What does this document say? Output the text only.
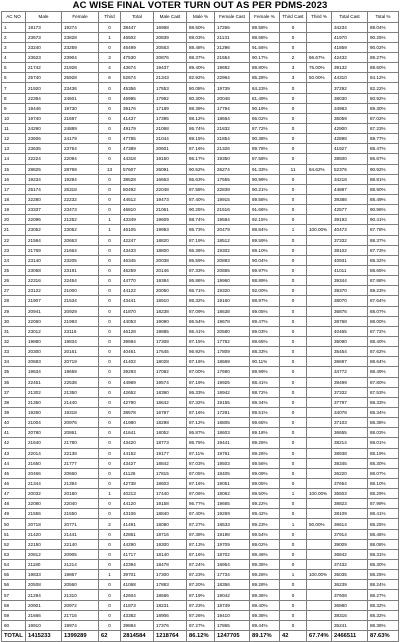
AC WISE FINAL VOTER TURN OUT AS PER PDMS-2023
AC NO	Male	Female	Third	Total	Male Cast	Male %	Female Cast	Female %	Third Cast	Third %	Total Cast	Total %
1	19173	19274	0	38447	16968	88.50%	17266	89.58%	0		34234	89.04%
2	23673	23828	1	46502	20839	88.03%	21131	88.68%	0		41970	90.25%
3	23240	23259	0	46499	20563	88.48%	21296	91.56%	0		41859	90.02%
4	23623	23904	3	47530	20876	88.37%	21554	90.17%	2	66.67%	42432	89.27%
5	21742	21928	4	43674	19437	89.40%	19692	89.80%	3	75.00%	39132	89.60%
6	25740	26928	6	52674	21343	82.92%	22964	85.28%	3	50.00%	44310	84.12%
7	21920	23436	0	45356	17553	80.08%	19739	84.23%	0		37292	82.22%
8	22394	24601	0	46995	17982	80.30%	20048	81.49%	0		38030	80.92%
9	19446	19730	0	39176	17189	88.39%	17794	90.19%	0		34983	89.30%
10	19740	21697	0	41437	17395	88.12%	18664	86.02%	0		36059	87.02%
11	24290	24889	0	49179	21068	86.74%	21832	87.72%	0		42900	87.23%
12	23606	24179	0	47785	21044	89.15%	21854	90.38%	0		42898	89.77%
13	23635	23754	0	47389	20601	87.16%	21326	89.78%	0		41927	88.47%
14	22224	22094	0	44318	19150	86.17%	19350	87.58%	0		38500	86.87%
15	28825	28769	13	57607	26091	90.52%	26274	91.33%	11	84.62%	52376	90.92%
16	19234	19294	0	38528	16663	86.63%	17555	90.99%	0		34218	88.81%
17	25174	25318	0	50492	22048	87.58%	22839	90.21%	0		44887	88.90%
18	22280	22232	0	44512	19473	87.40%	19915	89.58%	0		39388	88.49%
19	23337	23473	0	46810	21061	90.25%	21516	91.66%	0		42577	90.96%
20	22096	21252	1	43349	19609	88.74%	19584	92.15%	0		39193	90.41%
21	23052	23052	1	46105	19993	86.73%	20479	88.84%	1	100.00%	40473	87.78%
22	21584	20663	0	42247	18820	87.19%	18512	89.59%	0		37332	88.37%
23	21769	21664	0	43433	18800	86.36%	19302	89.10%	0		38102	87.73%
24	23140	23205	0	46345	20038	86.59%	20893	90.04%	0		40931	88.32%
25	23068	23191	0	46259	20146	87.33%	20865	89.97%	0		41011	88.65%
26	22316	22454	0	44770	19384	86.86%	19960	88.89%	0		39344	87.88%
27	23122	21000	0	44122	20050	86.71%	19320	92.00%	0		39370	89.23%
28	21907	21534	0	43441	18910	86.32%	19160	88.97%	0		38070	87.64%
29	20941	20929	0	41870	18238	87.09%	18638	89.05%	0		36876	88.07%
30	22060	21993	0	44053	19090	86.54%	19678	89.47%	0		38768	88.00%
31	23012	23116	0	46128	19885	86.41%	20580	89.03%	0		40465	87.72%
32	19860	19834	0	39694	17308	87.15%	17782	89.65%	0		35090	88.40%
33	20300	20161	0	40461	17645	86.92%	17809	88.33%	0		35454	87.62%
34	20683	20719	0	41402	18028	87.16%	18669	90.11%	0		36697	88.64%
35	19634	19659	0	39293	17082	87.00%	17690	89.99%	0		34772	88.49%
36	22451	22538	0	44989	19574	87.19%	19925	88.41%	0		39499	87.80%
37	21302	21350	0	42652	18390	86.33%	18942	88.72%	0		37332	87.53%
38	21350	21440	0	42790	18642	87.32%	19155	89.34%	0		37797	88.33%
39	19260	19318	0	38578	16787	87.16%	17291	89.51%	0		34078	88.34%
40	21004	20976	0	41980	18298	87.12%	18805	89.65%	0		37103	88.38%
41	20780	20861	0	41641	18052	86.87%	18603	89.18%	0		36655	88.03%
42	21640	21780	0	43420	18773	86.75%	19441	89.26%	0		38214	88.01%
43	22014	22138	0	44152	19177	87.11%	19761	89.26%	0		38938	88.19%
44	21650	21777	0	43427	18842	87.03%	19503	89.56%	0		38345	88.30%
45	20466	20660	0	41126	17815	87.05%	18405	89.09%	0		36220	88.07%
46	21344	21394	0	42738	18603	87.16%	19051	89.05%	0		37654	88.10%
47	20032	20180	1	40213	17440	87.06%	18062	89.50%	1	100.00%	35503	88.29%
48	22080	22040	0	44120	19158	86.77%	19665	89.22%	0		38823	87.99%
49	21556	21550	0	43106	18840	87.40%	19269	89.42%	0		38109	88.41%
50	20718	20771	2	41491	18080	87.27%	18533	89.23%	1	50.00%	36614	88.25%
51	21420	21441	0	42861	18716	87.38%	19198	89.54%	0		37914	88.46%
52	22150	22140	0	44290	19300	87.13%	19709	89.02%	0		39009	88.08%
53	20812	20905	0	41717	18140	87.16%	18702	89.46%	0		36842	88.31%
54	21180	21214	0	42394	18478	87.24%	18954	89.35%	0		37432	88.30%
55	19833	19867	1	39701	17300	87.23%	17734	89.26%	1	100.00%	35035	88.25%
56	20508	20560	0	41068	17883	87.20%	18356	89.28%	0		36239	88.24%
57	21294	21310	0	42604	18566	87.19%	19042	89.36%	0		37608	88.27%
58	20901	20972	0	41873	18231	87.23%	18749	89.40%	0		36980	88.32%
59	21666	21716	0	43382	18906	87.26%	19410	89.38%	0		38316	88.32%
60	19910	19974	0	39884	17376	87.27%	17865	89.44%	0		35241	88.36%
TOTAL	1415233	1399289	62	2814584	1218764	86.12%	1247705	89.17%	42	67.74%	2466511	87.63%
